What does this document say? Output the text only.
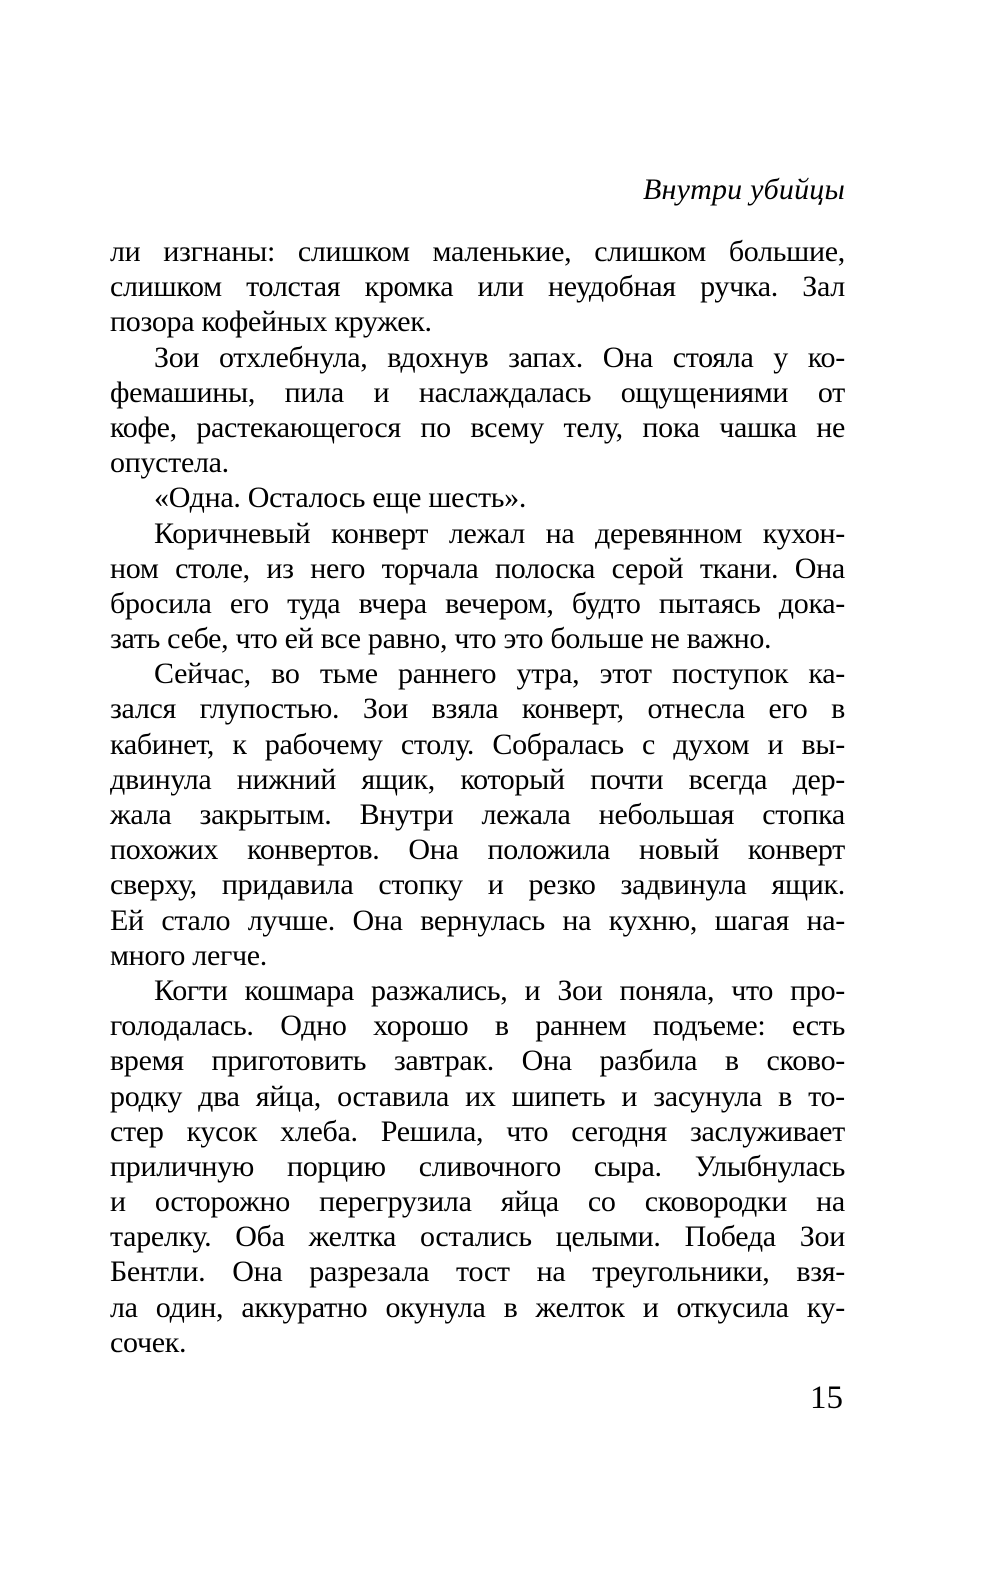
Внутри убийцы
ли изгнаны: слишком маленькие, слишком большие,
слишком толстая кромка или неудобная ручка. Зал
позора кофейных кружек.
Зои отхлебнула, вдохнув запах. Она стояла у ко-
фемашины, пила и наслаждалась ощущениями от
кофе, растекающегося по всему телу, пока чашка не
опустела.
«Одна. Осталось еще шесть».
Коричневый конверт лежал на деревянном кухон-
ном столе, из него торчала полоска серой ткани. Она
бросила его туда вчера вечером, будто пытаясь дока-
зать себе, что ей все равно, что это больше не важно.
Сейчас, во тьме раннего утра, этот поступок ка-
зался глупостью. Зои взяла конверт, отнесла его в
кабинет, к рабочему столу. Собралась с духом и вы-
двинула нижний ящик, который почти всегда дер-
жала закрытым. Внутри лежала небольшая стопка
похожих конвертов. Она положила новый конверт
сверху, придавила стопку и резко задвинула ящик.
Ей стало лучше. Она вернулась на кухню, шагая на-
много легче.
Когти кошмара разжались, и Зои поняла, что про-
голодалась. Одно хорошо в раннем подъеме: есть
время приготовить завтрак. Она разбила в сково-
родку два яйца, оставила их шипеть и засунула в то-
стер кусок хлеба. Решила, что сегодня заслуживает
приличную порцию сливочного сыра. Улыбнулась
и осторожно перегрузила яйца со сковородки на
тарелку. Оба желтка остались целыми. Победа Зои
Бентли. Она разрезала тост на треугольники, взя-
ла один, аккуратно окунула в желток и откусила ку-
сочек.
15
